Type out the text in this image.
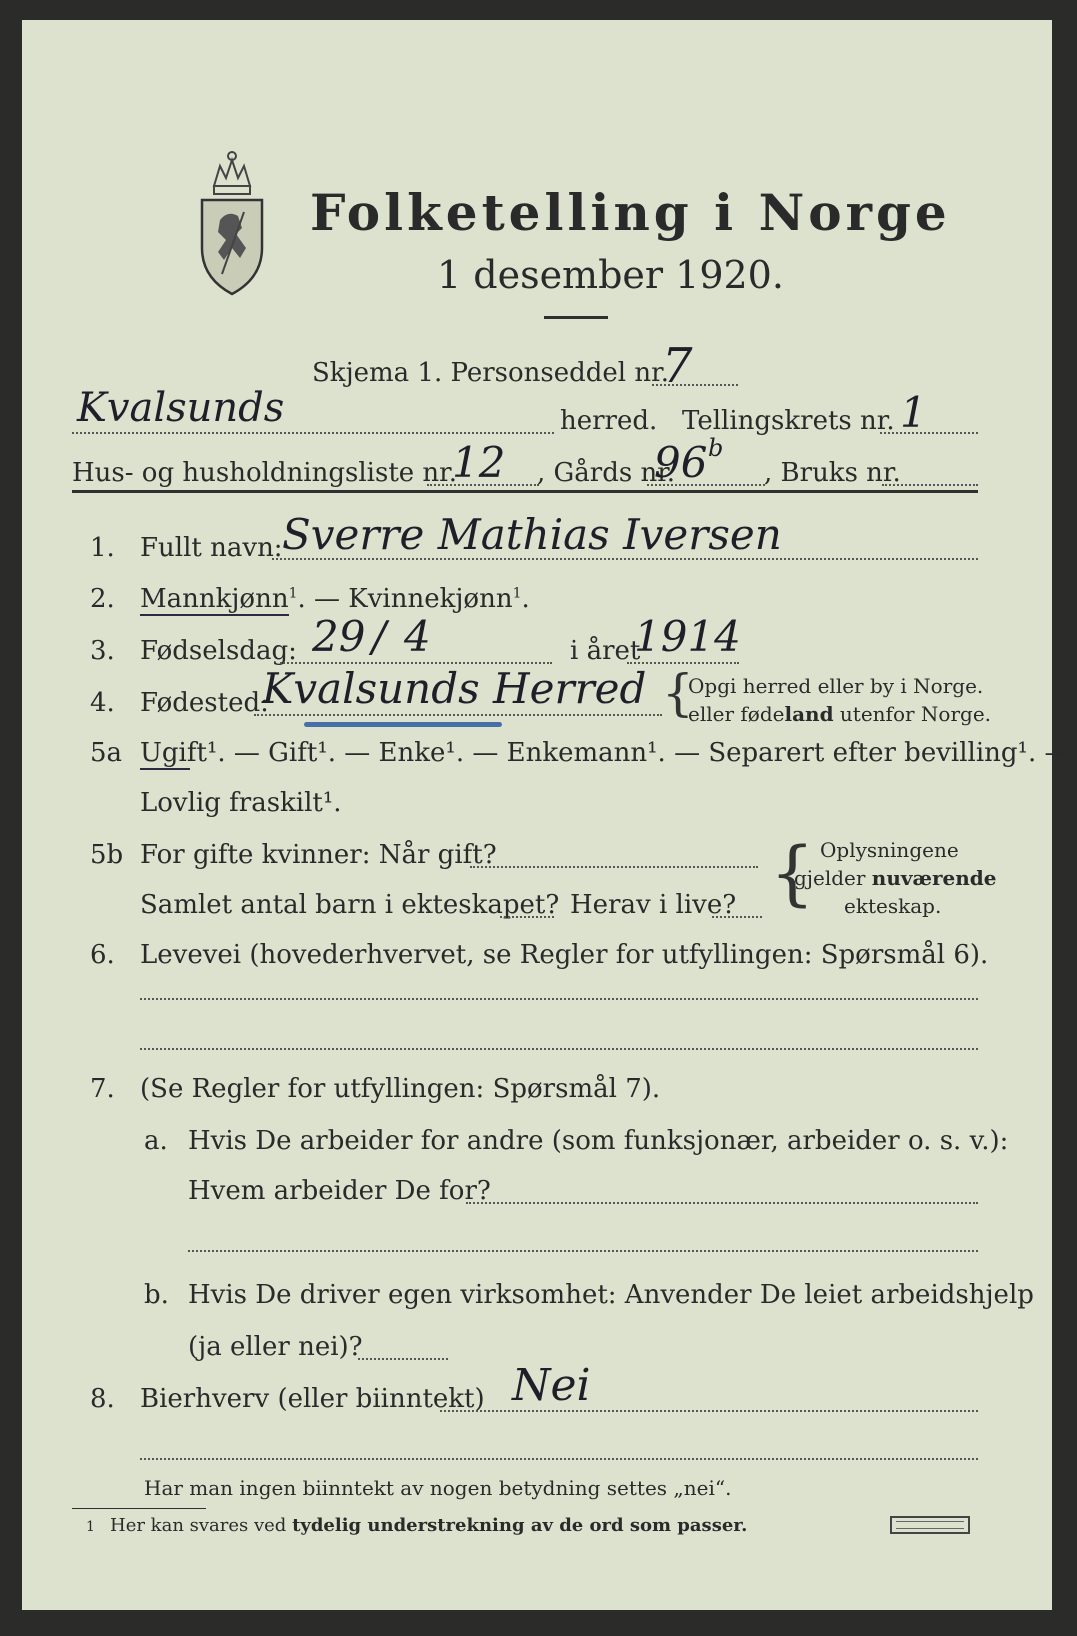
Folketelling i Norge
1 desember 1920.
Skjema 1. Personseddel nr.
7
Kvalsunds	herred. Tellingskrets nr. 1
Hus- og husholdningsliste nr.
12 , Gårds nr.
96 b
, Bruks nr.
1. Fullt navn: Sverre Mathias Iversen
2. Mannkjønn$^1$. — Kvinnekjønn$^1$.
3. Fødselsdag: 29 / 4	i året
1914
4. Fødested:
Kvalsunds Herred {
Opgi herred eller by i Norge.
eller fødeland utenfor Norge.
5a Ugift¹. — Gift¹. — Enke¹. — Enkemann¹. — Separert efter bevilling¹. —
Lovlig fraskilt¹.
5b For gifte kvinner: Når gift?
Samlet antal barn i ekteskapet? Herav i live? { Oplysningene
gjelder nuværende
ekteskap.
6. Levevei (hovederhvervet, se Regler for utfyllingen: Spørsmål 6).
7. (Se Regler for utfyllingen: Spørsmål 7).
a. Hvis De arbeider for andre (som funksjonær, arbeider o. s. v.):
Hvem arbeider De for?
b. Hvis De driver egen virksomhet: Anvender De leiet arbeidshjelp
(ja eller nei)?
8. Bierhverv (eller biinntekt) Nei
Har man ingen biinntekt av nogen betydning settes „nei“.
1 Her kan svares ved tydelig understrekning av de ord som passer.
